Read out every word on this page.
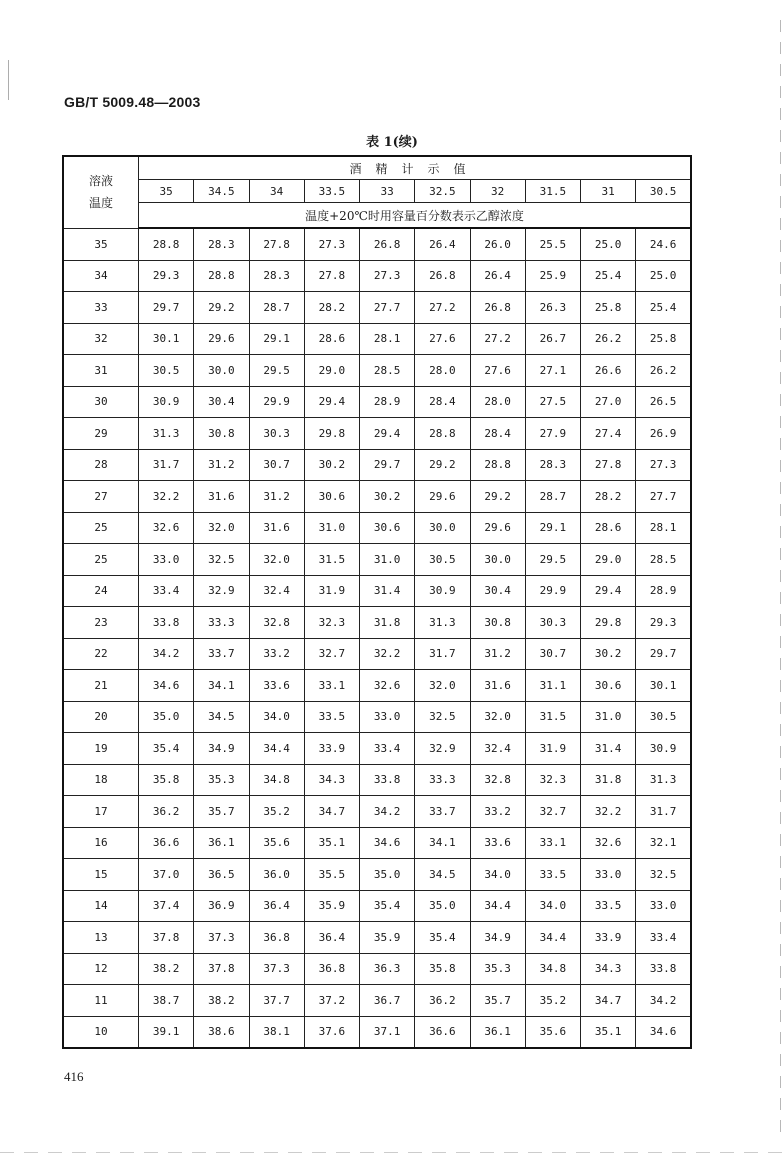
GB/T 5009.48—2003
表 1(续)
溶液
温度	酒精计示值									
	35	34.5	34	33.5	33	32.5	32	31.5	31	30.5
	温度+20℃时用容量百分数表示乙醇浓度									
35	28.8	28.3	27.8	27.3	26.8	26.4	26.0	25.5	25.0	24.6
34	29.3	28.8	28.3	27.8	27.3	26.8	26.4	25.9	25.4	25.0
33	29.7	29.2	28.7	28.2	27.7	27.2	26.8	26.3	25.8	25.4
32	30.1	29.6	29.1	28.6	28.1	27.6	27.2	26.7	26.2	25.8
31	30.5	30.0	29.5	29.0	28.5	28.0	27.6	27.1	26.6	26.2
30	30.9	30.4	29.9	29.4	28.9	28.4	28.0	27.5	27.0	26.5
29	31.3	30.8	30.3	29.8	29.4	28.8	28.4	27.9	27.4	26.9
28	31.7	31.2	30.7	30.2	29.7	29.2	28.8	28.3	27.8	27.3
27	32.2	31.6	31.2	30.6	30.2	29.6	29.2	28.7	28.2	27.7
25	32.6	32.0	31.6	31.0	30.6	30.0	29.6	29.1	28.6	28.1
25	33.0	32.5	32.0	31.5	31.0	30.5	30.0	29.5	29.0	28.5
24	33.4	32.9	32.4	31.9	31.4	30.9	30.4	29.9	29.4	28.9
23	33.8	33.3	32.8	32.3	31.8	31.3	30.8	30.3	29.8	29.3
22	34.2	33.7	33.2	32.7	32.2	31.7	31.2	30.7	30.2	29.7
21	34.6	34.1	33.6	33.1	32.6	32.0	31.6	31.1	30.6	30.1
20	35.0	34.5	34.0	33.5	33.0	32.5	32.0	31.5	31.0	30.5
19	35.4	34.9	34.4	33.9	33.4	32.9	32.4	31.9	31.4	30.9
18	35.8	35.3	34.8	34.3	33.8	33.3	32.8	32.3	31.8	31.3
17	36.2	35.7	35.2	34.7	34.2	33.7	33.2	32.7	32.2	31.7
16	36.6	36.1	35.6	35.1	34.6	34.1	33.6	33.1	32.6	32.1
15	37.0	36.5	36.0	35.5	35.0	34.5	34.0	33.5	33.0	32.5
14	37.4	36.9	36.4	35.9	35.4	35.0	34.4	34.0	33.5	33.0
13	37.8	37.3	36.8	36.4	35.9	35.4	34.9	34.4	33.9	33.4
12	38.2	37.8	37.3	36.8	36.3	35.8	35.3	34.8	34.3	33.8
11	38.7	38.2	37.7	37.2	36.7	36.2	35.7	35.2	34.7	34.2
10	39.1	38.6	38.1	37.6	37.1	36.6	36.1	35.6	35.1	34.6
416
